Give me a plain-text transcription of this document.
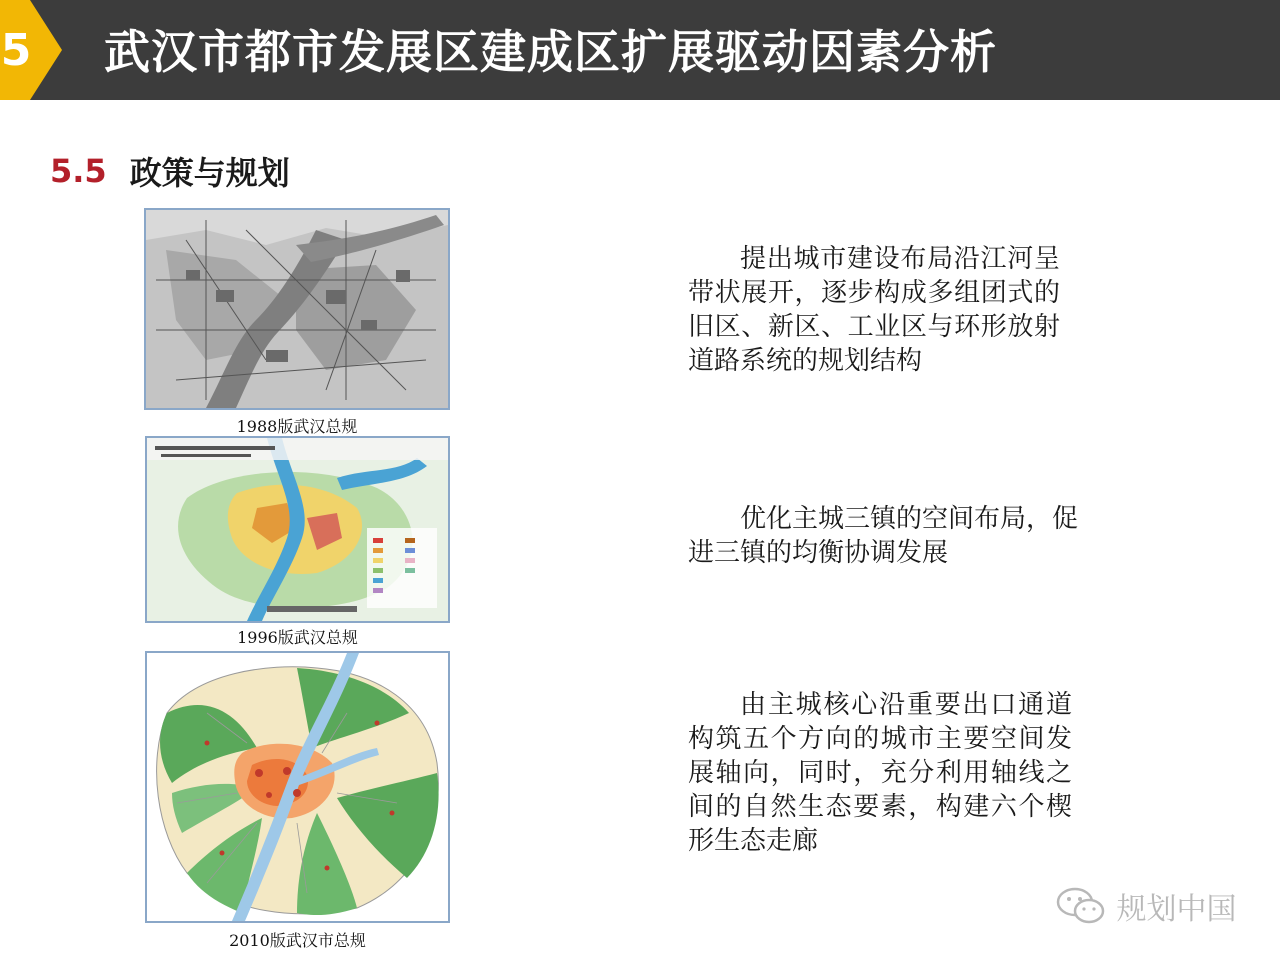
5 武汉市都市发展区建成区扩展驱动因素分析
5.5 政策与规划
1988版武汉总规
1996版武汉总规
2010版武汉市总规

提出城市建设布局沿江河呈带状展开，逐步构成多组团式的旧区、新区、工业区与环形放射道路系统的规划结构

优化主城三镇的空间布局，促进三镇的均衡协调发展

由主城核心沿重要出口通道构筑五个方向的城市主要空间发展轴向，同时，充分利用轴线之间的自然生态要素，构建六个楔形生态走廊

规划中国
